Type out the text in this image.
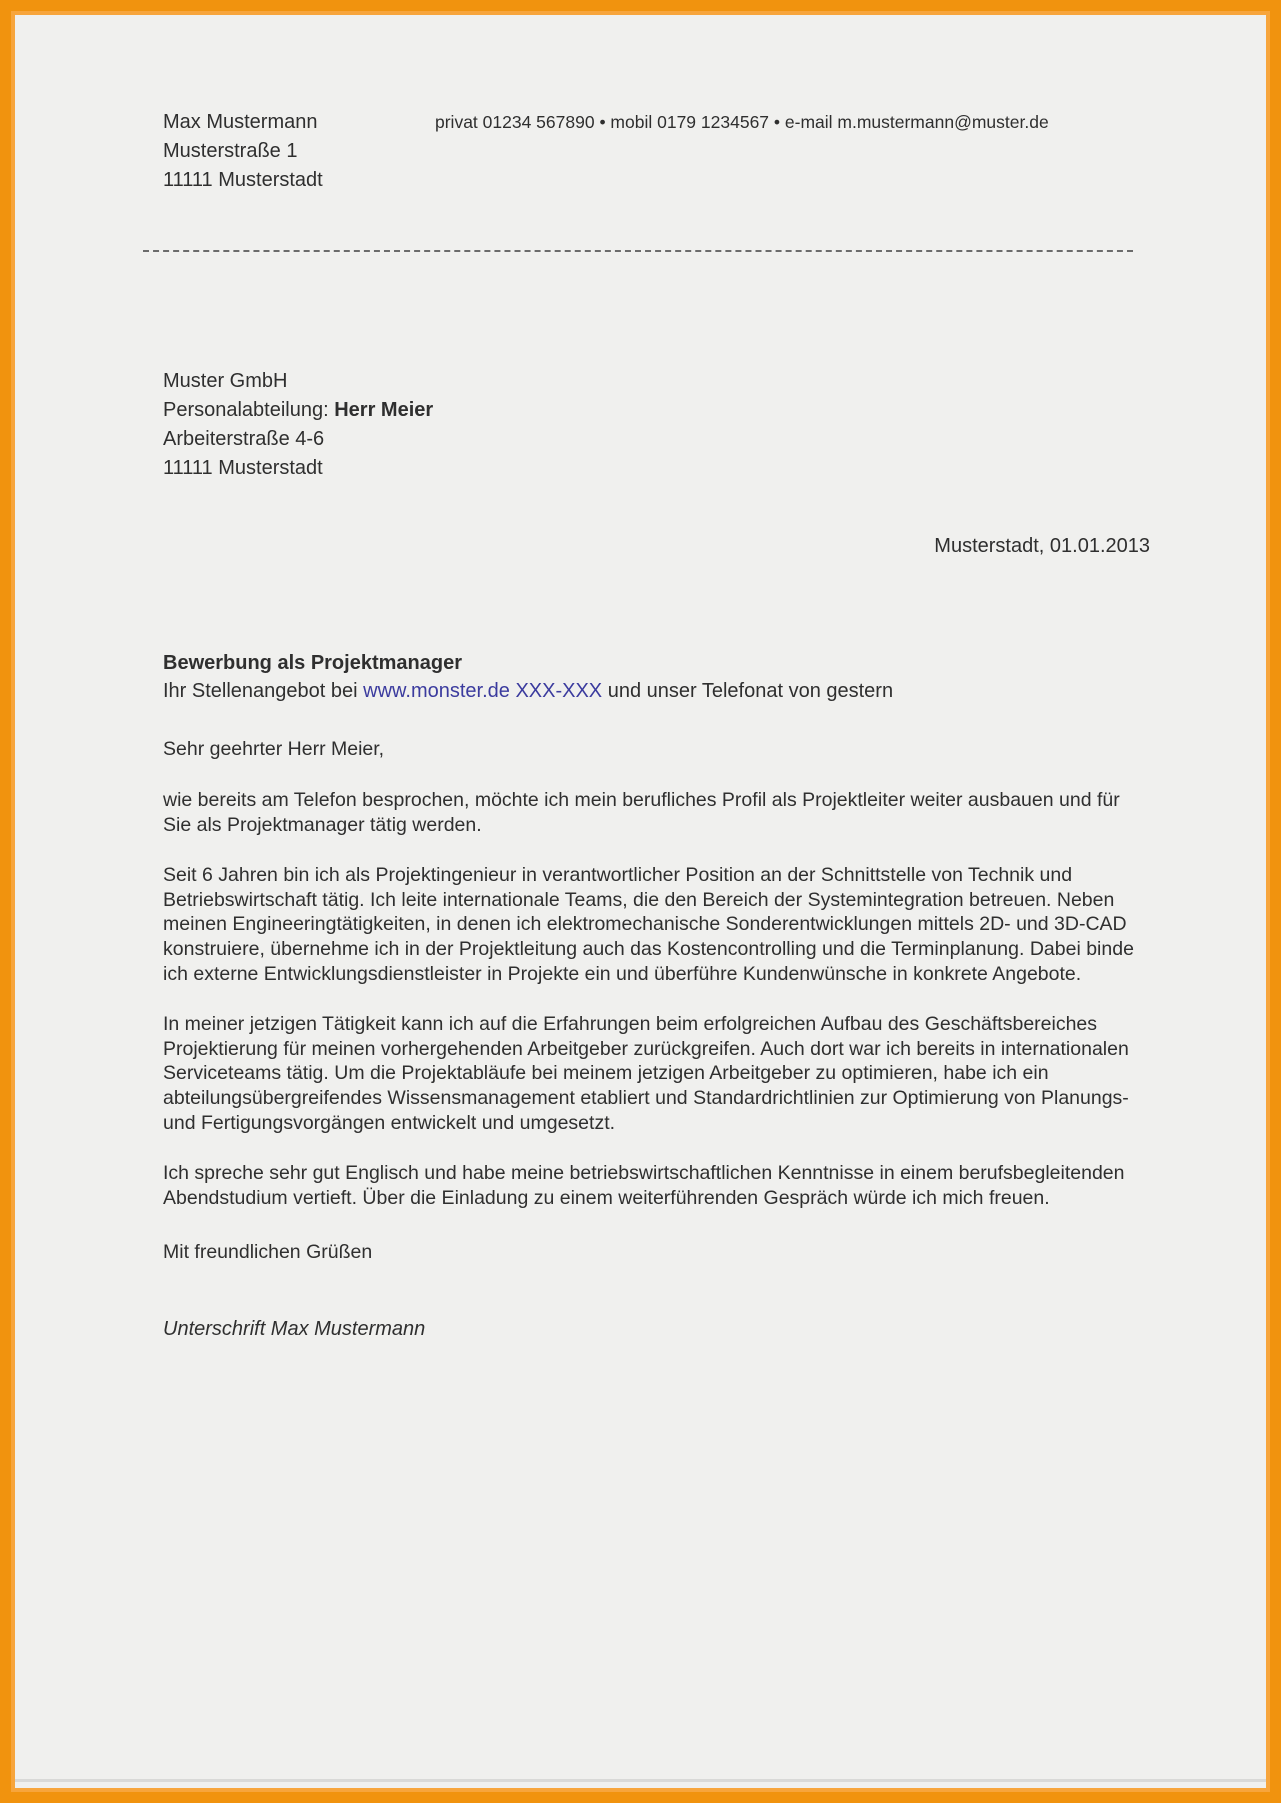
Max Mustermann
Musterstraße 1
11111 Musterstadt
privat 01234 567890 • mobil 0179 1234567 • e-mail m.mustermann@muster.de
Muster GmbH
Personalabteilung: Herr Meier
Arbeiterstraße 4-6
11111 Musterstadt
Musterstadt, 01.01.2013
Bewerbung als Projektmanager
Ihr Stellenangebot bei www.monster.de XXX-XXX und unser Telefonat von gestern
Sehr geehrter Herr Meier,

wie bereits am Telefon besprochen, möchte ich mein berufliches Profil als Projektleiter weiter ausbauen und für Sie als Projektmanager tätig werden.

Seit 6 Jahren bin ich als Projektingenieur in verantwortlicher Position an der Schnittstelle von Technik und Betriebswirtschaft tätig. Ich leite internationale Teams, die den Bereich der Systemintegration betreuen. Neben meinen Engineeringtätigkeiten, in denen ich elektromechanische Sonderentwicklungen mittels 2D- und 3D-CAD konstruiere, übernehme ich in der Projektleitung auch das Kostencontrolling und die Terminplanung. Dabei binde ich externe Entwicklungsdienstleister in Projekte ein und überführe Kundenwünsche in konkrete Angebote.

In meiner jetzigen Tätigkeit kann ich auf die Erfahrungen beim erfolgreichen Aufbau des Geschäftsbereiches Projektierung für meinen vorhergehenden Arbeitgeber zurückgreifen. Auch dort war ich bereits in internationalen Serviceteams tätig. Um die Projektabläufe bei meinem jetzigen Arbeitgeber zu optimieren, habe ich ein abteilungsübergreifendes Wissensmanagement etabliert und Standardrichtlinien zur Optimierung von Planungs- und Fertigungsvorgängen entwickelt und umgesetzt.

Ich spreche sehr gut Englisch und habe meine betriebswirtschaftlichen Kenntnisse in einem berufsbegleitenden Abendstudium vertieft. Über die Einladung zu einem weiterführenden Gespräch würde ich mich freuen.

Mit freundlichen Grüßen
Unterschrift Max Mustermann
